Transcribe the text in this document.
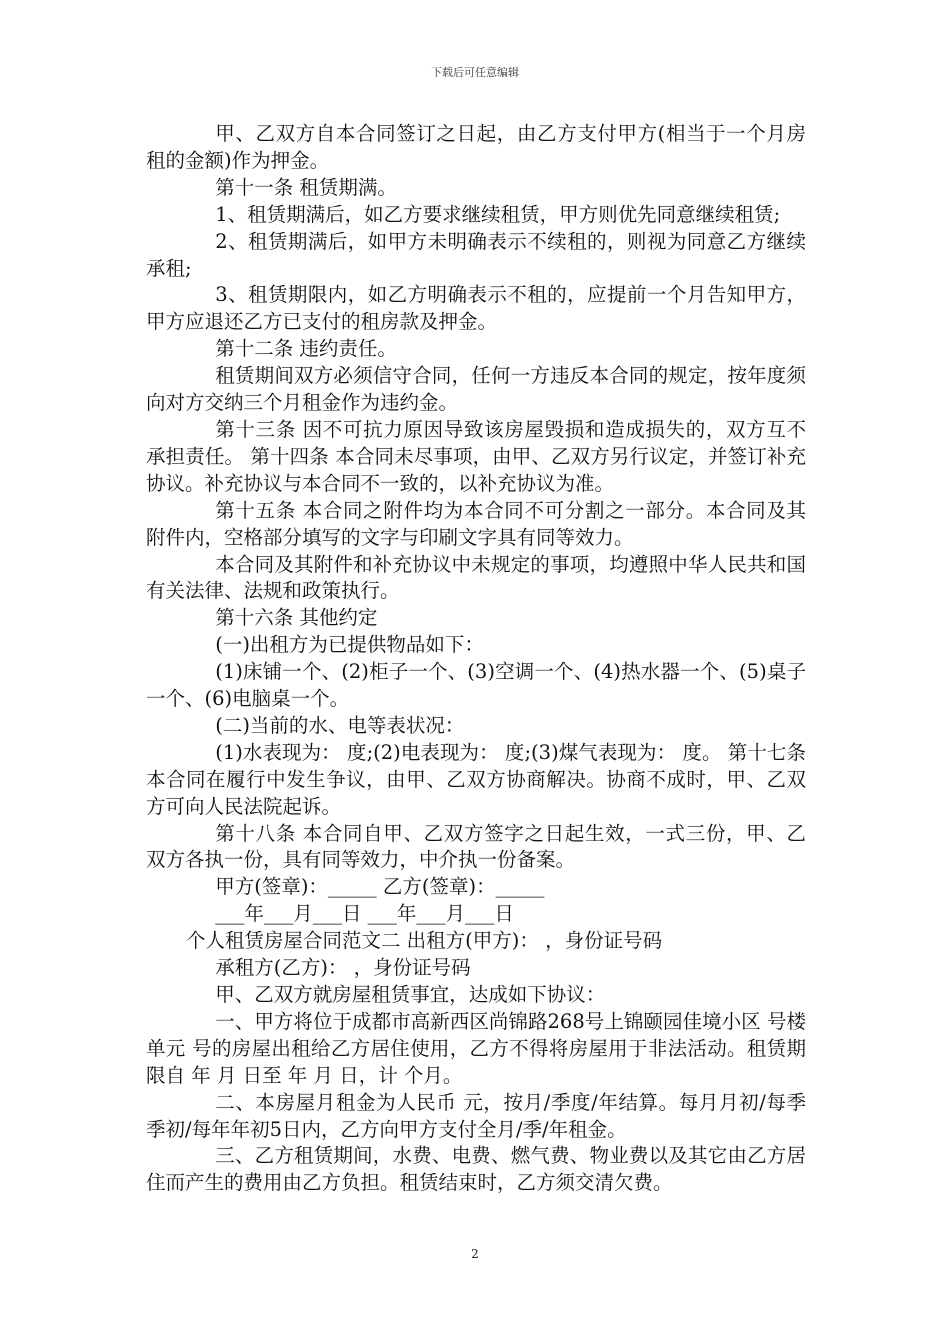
下载后可任意编辑

甲、乙双方自本合同签订之日起，由乙方支付甲方(相当于一个月房租的金额)作为押金。

第十一条 租赁期满。

1、租赁期满后，如乙方要求继续租赁，甲方则优先同意继续租赁;

2、租赁期满后，如甲方未明确表示不续租的，则视为同意乙方继续承租;

3、租赁期限内，如乙方明确表示不租的，应提前一个月告知甲方，甲方应退还乙方已支付的租房款及押金。

第十二条 违约责任。

租赁期间双方必须信守合同，任何一方违反本合同的规定，按年度须向对方交纳三个月租金作为违约金。

第十三条 因不可抗力原因导致该房屋毁损和造成损失的，双方互不承担责任。 第十四条 本合同未尽事项，由甲、乙双方另行议定，并签订补充协议。补充协议与本合同不一致的，以补充协议为准。

第十五条 本合同之附件均为本合同不可分割之一部分。本合同及其附件内，空格部分填写的文字与印刷文字具有同等效力。

本合同及其附件和补充协议中未规定的事项，均遵照中华人民共和国有关法律、法规和政策执行。

第十六条 其他约定

(一)出租方为已提供物品如下：

(1)床铺一个、(2)柜子一个、(3)空调一个、(4)热水器一个、(5)桌子一个、(6)电脑桌一个。

(二)当前的水、电等表状况：

(1)水表现为： 度;(2)电表现为： 度;(3)煤气表现为： 度。 第十七条 本合同在履行中发生争议，由甲、乙双方协商解决。协商不成时，甲、乙双方可向人民法院起诉。

第十八条 本合同自甲、乙双方签字之日起生效，一式三份，甲、乙双方各执一份，具有同等效力，中介执一份备案。

甲方(签章)：_____ 乙方(签章)：_____

___年___月___日 ___年___月___日

个人租赁房屋合同范文二 出租方(甲方)： ，身份证号码

承租方(乙方)： ，身份证号码

甲、乙双方就房屋租赁事宜，达成如下协议：

一、甲方将位于成都市高新西区尚锦路268号上锦颐园佳境小区 号楼 单元 号的房屋出租给乙方居住使用，乙方不得将房屋用于非法活动。租赁期限自 年 月 日至 年 月 日，计 个月。

二、本房屋月租金为人民币 元，按月/季度/年结算。每月月初/每季季初/每年年初5日内，乙方向甲方支付全月/季/年租金。

三、乙方租赁期间，水费、电费、燃气费、物业费以及其它由乙方居住而产生的费用由乙方负担。租赁结束时，乙方须交清欠费。

2
